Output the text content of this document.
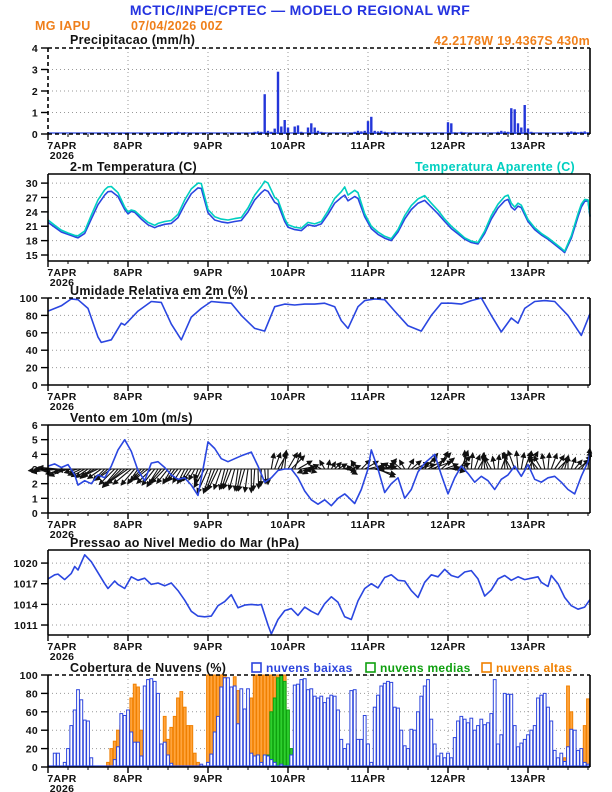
MCTIC/INPE/CPTEC — MODELO REGIONAL WRF
MG IAPU	07/04/2026 00Z
42.2178W 19.4367S 430m
Precipitacao (mm/h)
2-m Temperatura (C)	Temperatura Aparente (C)
Umidade Relativa em 2m (%)
Vento em 10m (m/s)
Pressao ao Nivel Medio do Mar (hPa)
Cobertura de Nuvens (%)	nuvens baixas nuvens medias nuvens altas
0
1
2
3
4
7APR	8APR	9APR	10APR	11APR	12APR	13APR
2026
15
18
21
24
27
30
7APR	8APR	9APR	10APR	11APR	12APR	13APR
2026
0
20
40
60
80
100
7APR	8APR	9APR	10APR	11APR	12APR	13APR
2026
0
1
2
3
4
5
6
7APR	8APR	9APR	10APR	11APR	12APR	13APR
2026
1011
1014
1017
1020
7APR	8APR	9APR	10APR	11APR	12APR	13APR
2026
0
20
40
60
80
100
7APR	8APR	9APR	10APR	11APR	12APR	13APR
2026
